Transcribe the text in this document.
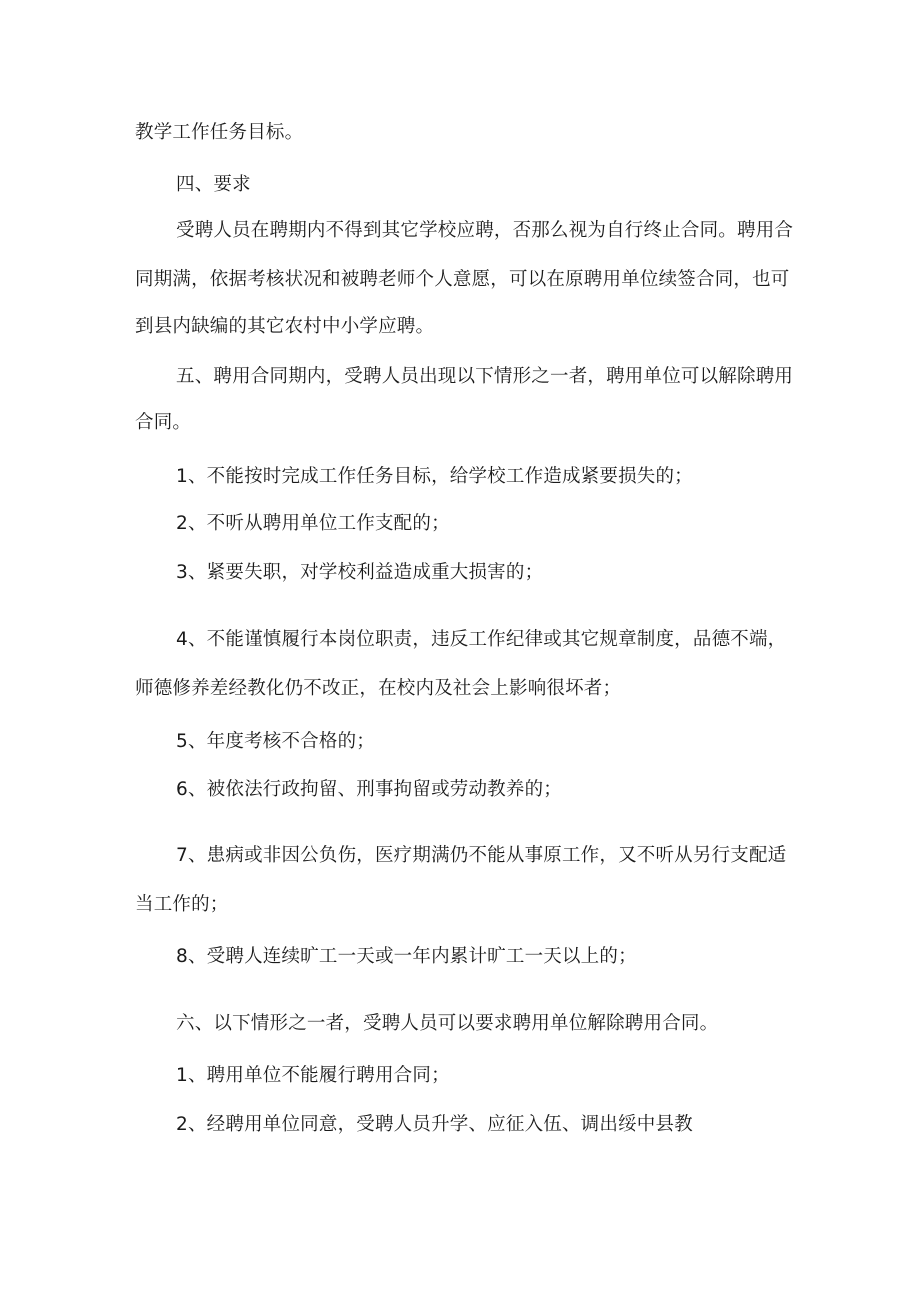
教学工作任务目标。

四、要求

受聘人员在聘期内不得到其它学校应聘，否那么视为自行终止合同。聘用合

同期满，依据考核状况和被聘老师个人意愿，可以在原聘用单位续签合同，也可

到县内缺编的其它农村中小学应聘。

五、聘用合同期内，受聘人员出现以下情形之一者，聘用单位可以解除聘用

合同。

1、不能按时完成工作任务目标，给学校工作造成紧要损失的；

2、不听从聘用单位工作支配的；

3、紧要失职，对学校利益造成重大损害的；

4、不能谨慎履行本岗位职责，违反工作纪律或其它规章制度，品德不端，

师德修养差经教化仍不改正，在校内及社会上影响很坏者；

5、年度考核不合格的；

6、被依法行政拘留、刑事拘留或劳动教养的；

7、患病或非因公负伤，医疗期满仍不能从事原工作，又不听从另行支配适

当工作的；

8、受聘人连续旷工一天或一年内累计旷工一天以上的；

六、以下情形之一者，受聘人员可以要求聘用单位解除聘用合同。

1、聘用单位不能履行聘用合同；

2、经聘用单位同意，受聘人员升学、应征入伍、调出绥中县教
